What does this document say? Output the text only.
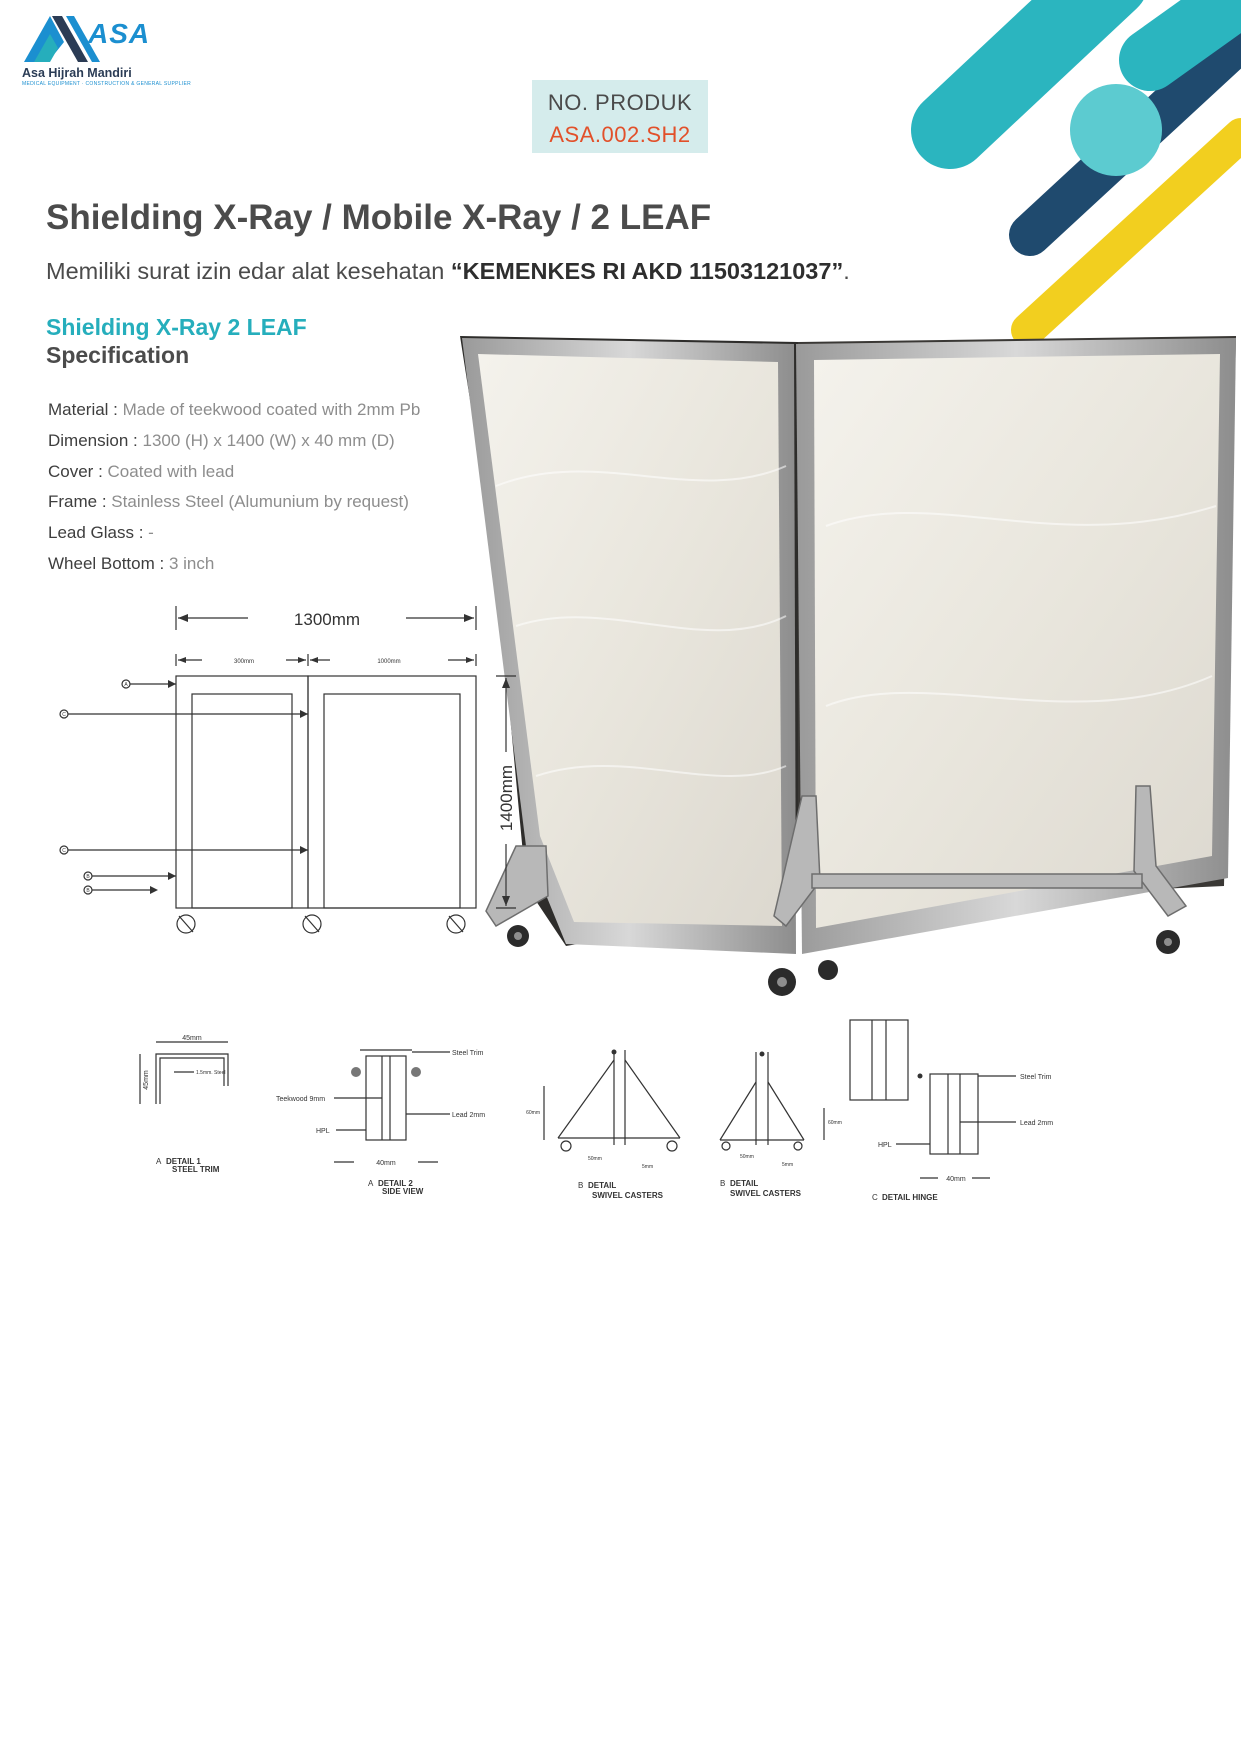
ASA
Asa Hijrah Mandiri
MEDICAL EQUIPMENT · CONSTRUCTION & GENERAL SUPPLIER
NO. PRODUK
ASA.002.SH2
Shielding X-Ray / Mobile X-Ray / 2 LEAF
Memiliki surat izin edar alat kesehatan “KEMENKES RI AKD 11503121037”.
Shielding X-Ray 2 LEAF
Specification
Material : Made of teekwood coated with 2mm Pb
Dimension : 1300 (H) x 1400 (W) x 40 mm (D)
Cover : Coated with lead
Frame : Stainless Steel (Alumunium by request)
Lead Glass : -
Wheel Bottom : 3 inch
1300mm
300mm	1000mm
1400mm
A
C
C
B
B
45mm
45mm	1.5mm. Steel
A DETAIL 1
STEEL TRIM
Steel Trim
Teekwood 9mm
Lead 2mm
HPL
40mm
A DETAIL 2
SIDE VIEW
60mm
50mm
5mm
B DETAIL
SWIVEL CASTERS
60mm
50mm
5mm
B DETAIL
SWIVEL CASTERS
Steel Trim
Lead 2mm
HPL
40mm
C DETAIL HINGE
